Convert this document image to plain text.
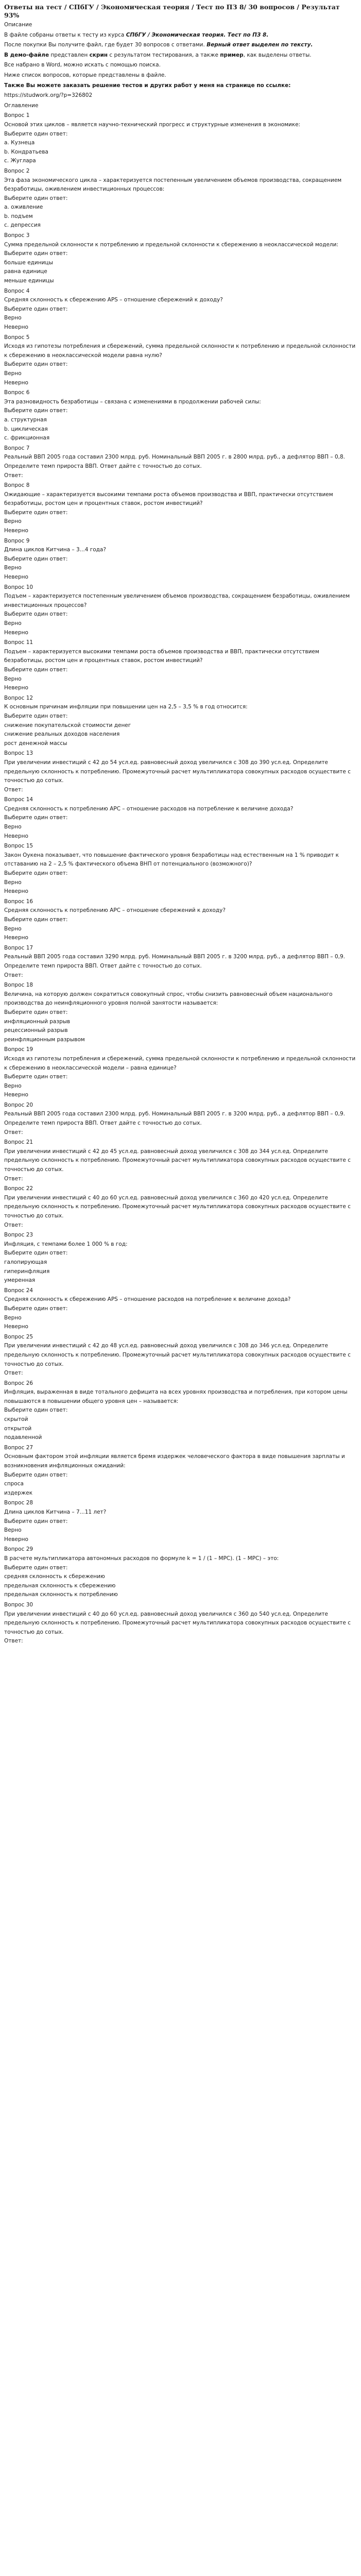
Ответы на тест / СПбГУ / Экономическая теория / Тест по ПЗ 8/ 30 вопросов / Результат 93%
Описание
В файле собраны ответы к тесту из курса СПбГУ / Экономическая теория. Тест по ПЗ 8.
После покупки Вы получите файл, где будет 30 вопросов с ответами. Верный ответ выделен по тексту.
В демо-файле представлен скрин с результатом тестирования, а также пример, как выделены ответы.
Все набрано в Word, можно искать с помощью поиска.
Ниже список вопросов, которые представлены в файле.
Также Вы можете заказать решение тестов и других работ у меня на странице по ссылке:
https://studwork.org/?p=326802
Оглавление
Вопрос 1
Основой этих циклов – является научно-технический прогресс и структурные изменения в экономике:
Выберите один ответ:
a. Кузнеца
b. Кондратьева
c. Жуглара
Вопрос 2
Эта фаза экономического цикла – характеризуется постепенным увеличением объемов производства, сокращением безработицы, оживлением инвестиционных процессов:
Выберите один ответ:
a. оживление
b. подъем
c. депрессия
Вопрос 3
Сумма предельной склонности к потреблению и предельной склонности к сбережению в неоклассической модели:
Выберите один ответ:
больше единицы
равна единице
меньше единицы
Вопрос 4
Средняя склонность к сбережению APS – отношение сбережений к доходу?
Выберите один ответ:
Верно
Неверно
Вопрос 5
Исходя из гипотезы потребления и сбережений, сумма предельной склонности к потреблению и предельной склонности к сбережению в неоклассической модели равна нулю?
Выберите один ответ:
Верно
Неверно
Вопрос 6
Эта разновидность безработицы – связана с изменениями в продолжении рабочей силы:
Выберите один ответ:
a. структурная
b. циклическая
c. фрикционная
Вопрос 7
Реальный ВВП 2005 года составил 2300 млрд. руб. Номинальный ВВП 2005 г. в 2800 млрд. руб., а дефлятор ВВП – 0,8. Определите темп прироста ВВП. Ответ дайте с точностью до сотых.
Ответ:
Вопрос 8
Ожидающие – характеризуется высокими темпами роста объемов производства и ВВП, практически отсутствием безработицы, ростом цен и процентных ставок, ростом инвестиций?
Выберите один ответ:
Верно
Неверно
Вопрос 9
Длина циклов Китчина – 3...4 года?
Выберите один ответ:
Верно
Неверно
Вопрос 10
Подъем – характеризуется постепенным увеличением объемов производства, сокращением безработицы, оживлением инвестиционных процессов?
Выберите один ответ:
Верно
Неверно
Вопрос 11
Подъем – характеризуется высокими темпами роста объемов производства и ВВП, практически отсутствием безработицы, ростом цен и процентных ставок, ростом инвестиций?
Выберите один ответ:
Верно
Неверно
Вопрос 12
К основным причинам инфляции при повышении цен на 2,5 – 3,5 % в год относится:
Выберите один ответ:
снижение покупательской стоимости денег
снижение реальных доходов населения
рост денежной массы
Вопрос 13
При увеличении инвестиций с 42 до 54 усл.ед. равновесный доход увеличился с 308 до 390 усл.ед. Определите предельную склонность к потреблению. Промежуточный расчет мультипликатора совокупных расходов осуществите с точностью до сотых.
Ответ:
Вопрос 14
Средняя склонность к потреблению APC – отношение расходов на потребление к величине дохода?
Выберите один ответ:
Верно
Неверно
Вопрос 15
Закон Оукена показывает, что повышение фактического уровня безработицы над естественным на 1 % приводит к отставанию на 2 – 2,5 % фактического объема ВНП от потенциального (возможного)?
Выберите один ответ:
Верно
Неверно
Вопрос 16
Средняя склонность к потреблению APC – отношение сбережений к доходу?
Выберите один ответ:
Верно
Неверно
Вопрос 17
Реальный ВВП 2005 года составил 3290 млрд. руб. Номинальный ВВП 2005 г. в 3200 млрд. руб., а дефлятор ВВП – 0,9. Определите темп прироста ВВП. Ответ дайте с точностью до сотых.
Ответ:
Вопрос 18
Величина, на которую должен сократиться совокупный спрос, чтобы снизить равновесный объем национального производства до неинфляционного уровня полной занятости называется:
Выберите один ответ:
инфляционный разрыв
рецессионный разрыв
реинфляционным разрывом
Вопрос 19
Исходя из гипотезы потребления и сбережений, сумма предельной склонности к потреблению и предельной склонности к сбережению в неоклассической модели – равна единице?
Выберите один ответ:
Верно
Неверно
Вопрос 20
Реальный ВВП 2005 года составил 2300 млрд. руб. Номинальный ВВП 2005 г. в 3200 млрд. руб., а дефлятор ВВП – 0,9. Определите темп прироста ВВП. Ответ дайте с точностью до сотых.
Ответ:
Вопрос 21
При увеличении инвестиций с 42 до 45 усл.ед. равновесный доход увеличился с 308 до 344 усл.ед. Определите предельную склонность к потреблению. Промежуточный расчет мультипликатора совокупных расходов осуществите с точностью до сотых.
Ответ:
Вопрос 22
При увеличении инвестиций с 40 до 60 усл.ед. равновесный доход увеличился с 360 до 420 усл.ед. Определите предельную склонность к потреблению. Промежуточный расчет мультипликатора совокупных расходов осуществите с точностью до сотых.
Ответ:
Вопрос 23
Инфляция, с темпами более 1 000 % в год:
Выберите один ответ:
галопирующая
гиперинфляция
умеренная
Вопрос 24
Средняя склонность к сбережению APS – отношение расходов на потребление к величине дохода?
Выберите один ответ:
Верно
Неверно
Вопрос 25
При увеличении инвестиций с 42 до 48 усл.ед. равновесный доход увеличился с 308 до 346 усл.ед. Определите предельную склонность к потреблению. Промежуточный расчет мультипликатора совокупных расходов осуществите с точностью до сотых.
Ответ:
Вопрос 26
Инфляция, выраженная в виде тотального дефицита на всех уровнях производства и потребления, при котором цены повышаются в повышении общего уровня цен – называется:
Выберите один ответ:
скрытой
открытой
подавленной
Вопрос 27
Основным фактором этой инфляции является бремя издержек человеческого фактора в виде повышения зарплаты и возникновения инфляционных ожиданий:
Выберите один ответ:
спроса
издержек
Вопрос 28
Длина циклов Китчина – 7...11 лет?
Выберите один ответ:
Верно
Неверно
Вопрос 29
В расчете мультипликатора автономных расходов по формуле k = 1 / (1 – MPC). (1 – MPC) – это:
Выберите один ответ:
средняя склонность к сбережению
предельная склонность к сбережению
предельная склонность к потреблению
Вопрос 30
При увеличении инвестиций с 40 до 60 усл.ед. равновесный доход увеличился с 360 до 540 усл.ед. Определите предельную склонность к потреблению. Промежуточный расчет мультипликатора совокупных расходов осуществите с точностью до сотых.
Ответ:
